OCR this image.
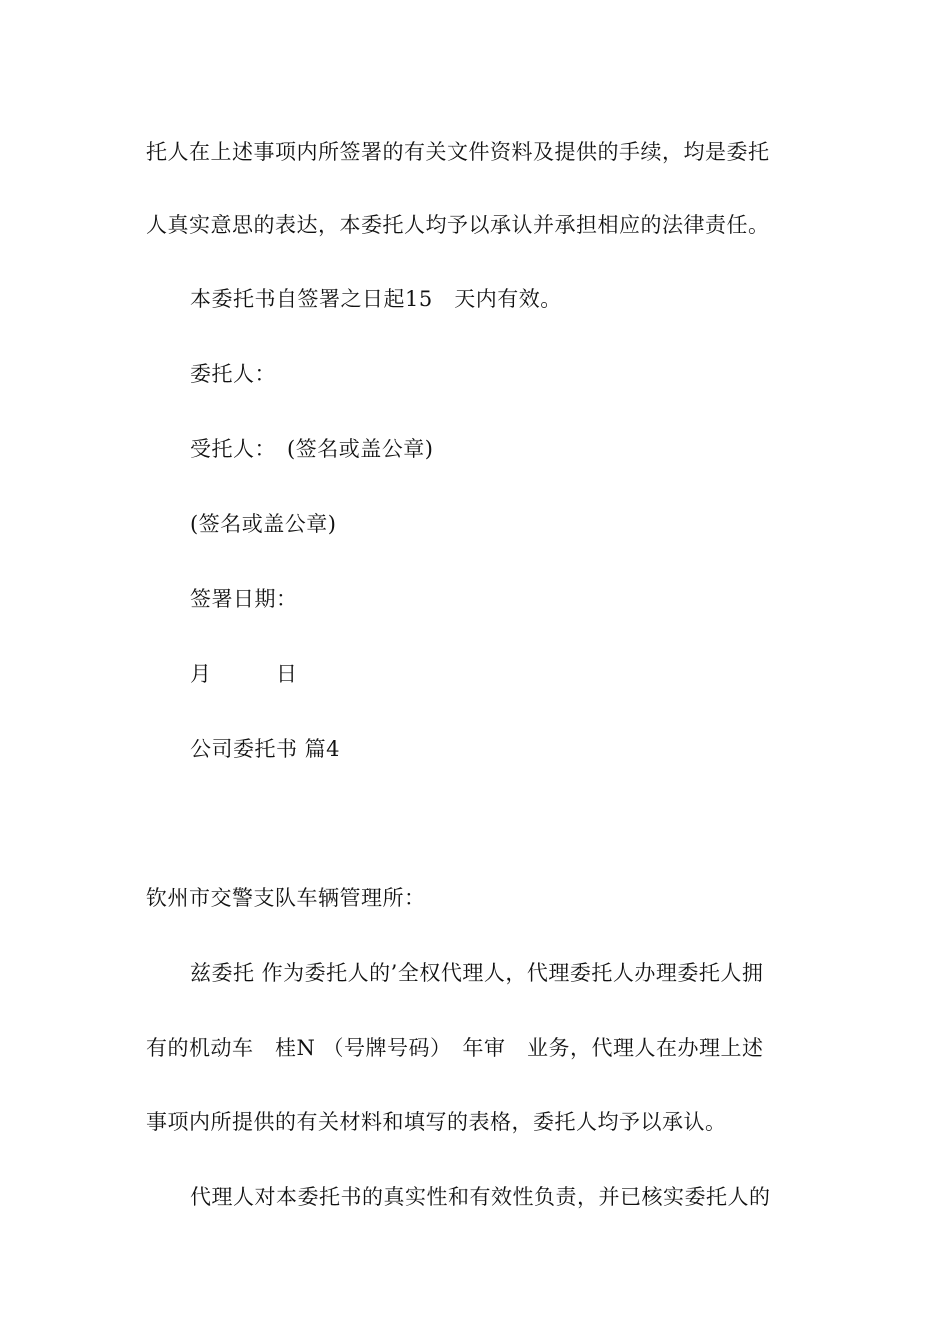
托人在上述事项内所签署的有关文件资料及提供的手续，均是委托
人真实意思的表达，本委托人均予以承认并承担相应的法律责任。
本委托书自签署之日起15　天内有效。
委托人：
受托人：　(签名或盖公章)
(签名或盖公章)
签署日期：
月　　　日
公司委托书 篇4
钦州市交警支队车辆管理所：
兹委托 作为委托人的’全权代理人，代理委托人办理委托人拥
有的机动车　桂N （号牌号码）　年审　业务，代理人在办理上述
事项内所提供的有关材料和填写的表格，委托人均予以承认。
代理人对本委托书的真实性和有效性负责，并已核实委托人的
